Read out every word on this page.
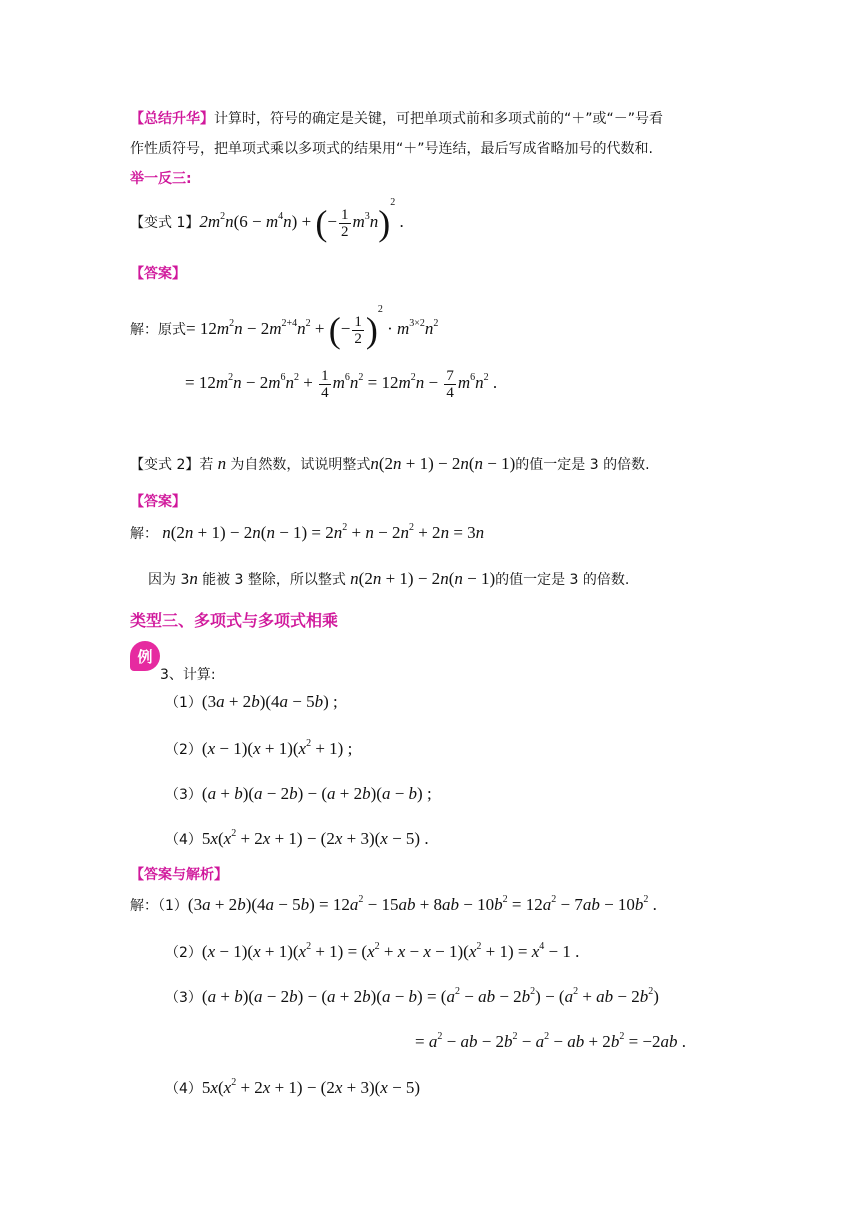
【总结升华】计算时，符号的确定是关键，可把单项式前和多项式前的“＋”或“－”号看
作性质符号，把单项式乘以多项式的结果用“＋”号连结，最后写成省略加号的代数和.
举一反三:
【变式 1】$2m^2n(6 - m^4n)$ + (− $\frac{1}{2} m^3n)^2$ .
【答案】
解：原式= $12m^2n - 2m^{2+4}n^2$ + (− $\frac{1}{2} )^2 \cdot m^{3\times 2}n^2$
= $12m^2n - 2m^6n^2 + \frac{1}{4} m^6n^2 = 12m^2n - \frac{7}{4} m^6n^2$ .
【变式 2】若 n 为自然数，试说明整式n(2n + 1) − 2n(n − 1)的值一定是 3 的倍数.
【答案】
解： $n(2n + 1) - 2n(n - 1) = 2n^2 + n - 2n^2 + 2n = 3n$
因为 3n 能被 3 整除，所以整式 n(2n + 1) − 2n(n − 1)的值一定是 3 的倍数.
类型三、多项式与多项式相乘
例
3、计算:
（1）(3a + 2b)(4a − 5b) ;
$(2)(x - 1)(x + 1)(x^2 + 1)$ ;
（3）(a + b)(a − 2b) − (a + 2b)(a − b) ;
$(4)5x(x^2 + 2x + 1) - (2x + 3)(x - 5)$ .
【答案与解析】
解：$(1)(3a + 2b)(4a - 5b) = 12a^2 - 15ab + 8ab - 10b^2 = 12a^2 - 7ab - 10b^2$ .
$(2)(x - 1)(x + 1)(x^2 + 1) = (x^2 + x - x - 1)(x^2 + 1) = x^4 - 1$ .
$(3)(a + b)(a - 2b) - (a + 2b)(a - b) = (a^2$ − ab − $2b^2) - (a^2$ + ab − $2b^2$)
= $a^2$ − ab − $2b^2 - a^2$ − ab + $2b^2 = -2ab$ .
$(4)5x(x^2 + 2x + 1) - (2x + 3)(x - 5)$
